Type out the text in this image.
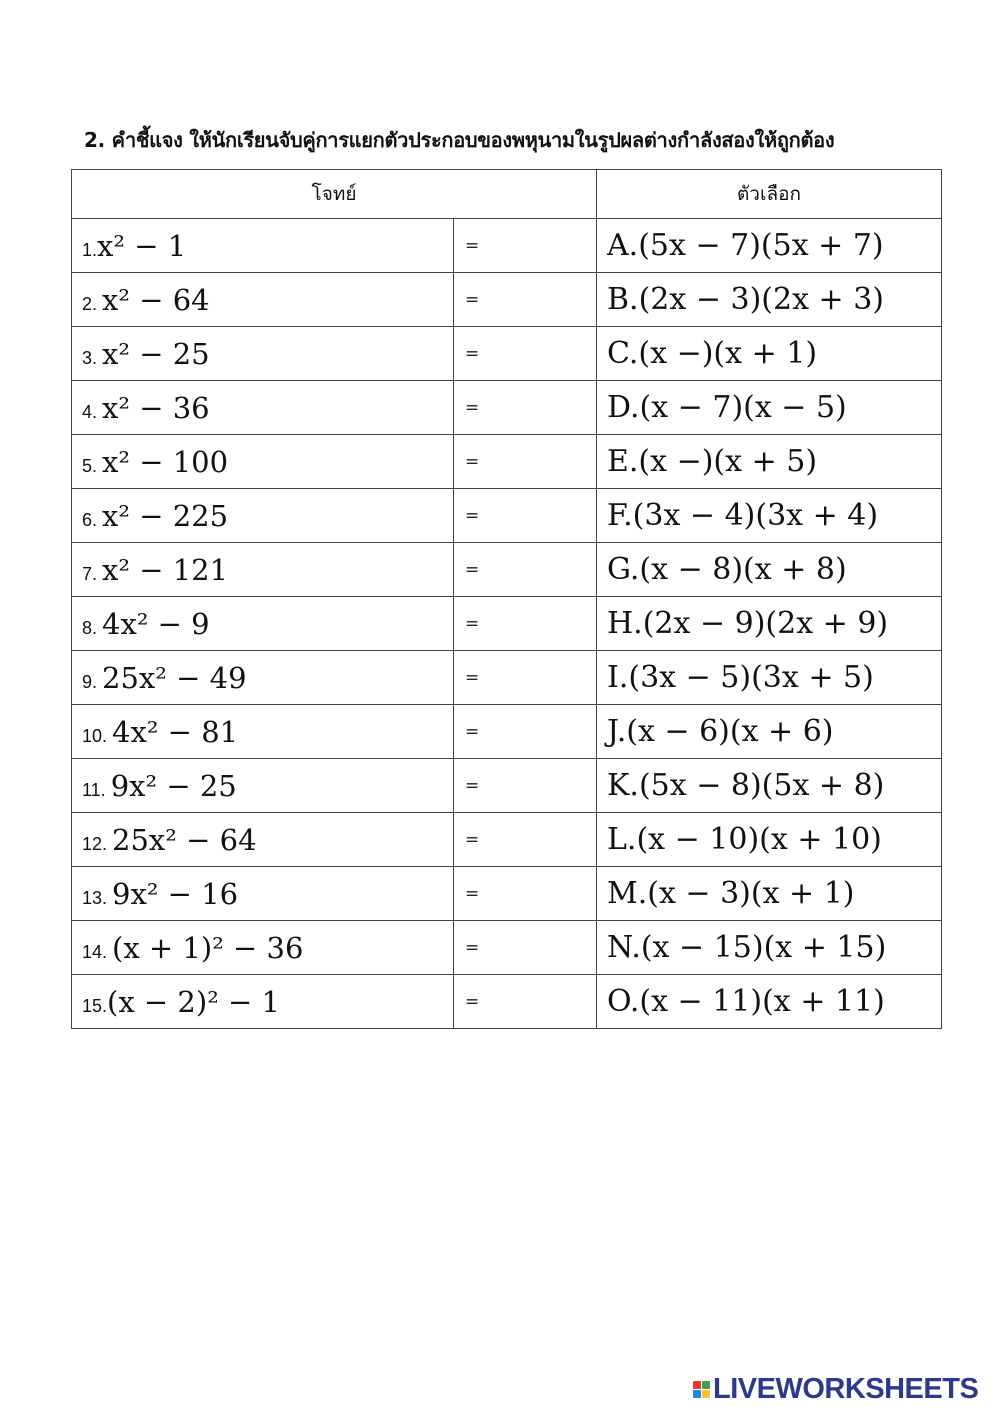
2. คำชี้แจง ให้นักเรียนจับคู่การแยกตัวประกอบของพหุนามในรูปผลต่างกำลังสองให้ถูกต้อง
โจทย์		ตัวเลือก
1.x² − 1	=	A.(5x − 7)(5x + 7)
2. x² − 64	=	B.(2x − 3)(2x + 3)
3. x² − 25	=	C.(x −)(x + 1)
4. x² − 36	=	D.(x − 7)(x − 5)
5. x² − 100	=	E.(x −)(x + 5)
6. x² − 225	=	F.(3x − 4)(3x + 4)
7. x² − 121	=	G.(x − 8)(x + 8)
8. 4x² − 9	=	H.(2x − 9)(2x + 9)
9. 25x² − 49	=	I.(3x − 5)(3x + 5)
10. 4x² − 81	=	J.(x − 6)(x + 6)
11. 9x² − 25	=	K.(5x − 8)(5x + 8)
12. 25x² − 64	=	L.(x − 10)(x + 10)
13. 9x² − 16	=	M.(x − 3)(x + 1)
14. (x + 1)² − 36	=	N.(x − 15)(x + 15)
15.(x − 2)² − 1	=	O.(x − 11)(x + 11)
LIVEWORKSHEETS
